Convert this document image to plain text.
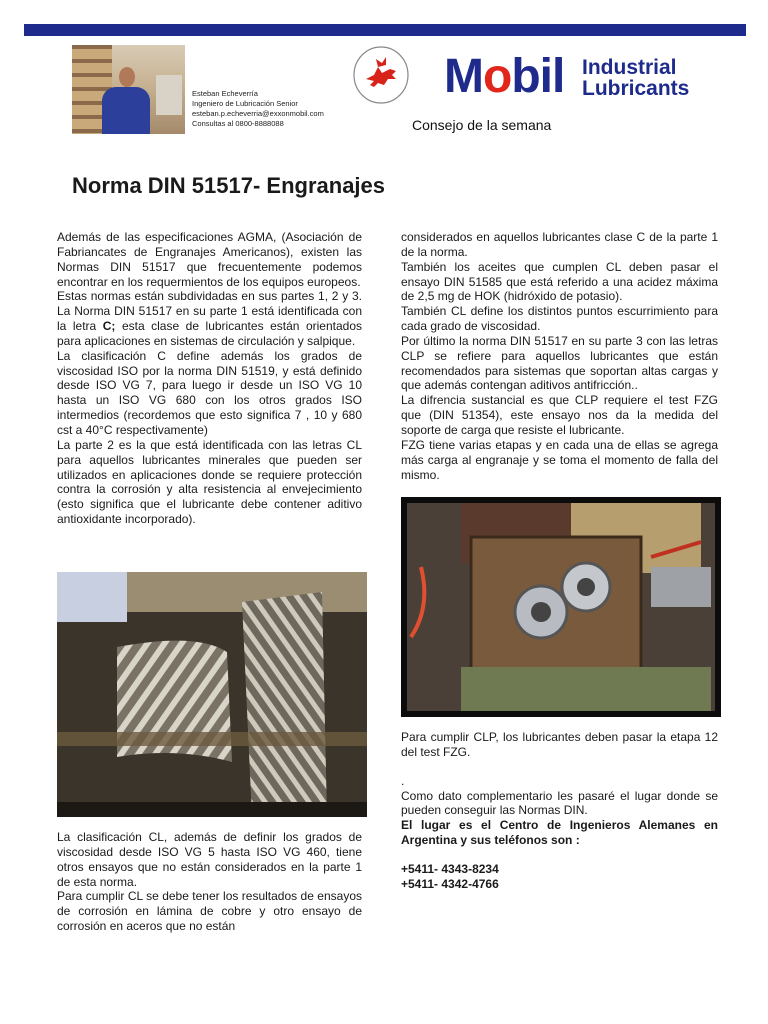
Esteban Echeverría
Ingeniero de Lubricación Senior
esteban.p.echeverria@exxonmobil.com
Consultas al 0800-8888088
Mobil Industrial
Lubricants
Consejo de la semana
Norma DIN 51517- Engranajes

Además de las especificaciones AGMA, (Asociación de Fabriancates de Engranajes Americanos), existen las Normas DIN 51517 que frecuentemente podemos encontrar en los requermientos de los equipos europeos.

Estas normas están subdividadas en sus partes 1, 2 y 3. La Norma DIN 51517 en su parte 1 está identificada con la letra C; esta clase de lubricantes están orientados para aplicaciones en sistemas de circulación y salpique.

La clasificación C define además los grados de viscosidad ISO por la norma DIN 51519, y está definido desde ISO VG 7, para luego ir desde un ISO VG 10 hasta un ISO VG 680 con los otros grados ISO intermedios (recordemos que esto significa 7 , 10 y 680 cst a 40°C respectivamente)

La parte 2 es la que está identificada con las letras CL para aquellos lubricantes minerales que pueden ser utilizados en aplicaciones donde se requiere protección contra la corrosión y alta resistencia al envejecimiento (esto significa que el lubricante debe contener aditivo antioxidante incorporado).

La clasificación CL, además de definir los grados de viscosidad desde ISO VG 5 hasta ISO VG 460, tiene otros ensayos que no están considerados en la parte 1 de esta norma.

Para cumplir CL se debe tener los resultados de ensayos de corrosión en lámina de cobre y otro ensayo de corrosión en aceros que no están

considerados en aquellos lubricantes clase C de la parte 1 de la norma.

También los aceites que cumplen CL deben pasar el ensayo DIN 51585 que está referido a una acidez máxima de 2,5 mg de HOK (hidróxido de potasio).

También CL define los distintos puntos escurrimiento para cada grado de viscosidad.

Por último la norma DIN 51517 en su parte 3 con las letras CLP se refiere para aquellos lubricantes que están recomendados para sistemas que soportan altas cargas y que además contengan aditivos antifricción..

La difrencia sustancial es que CLP requiere el test FZG que (DIN 51354), este ensayo nos da la medida del soporte de carga que resiste el lubricante.

FZG tiene varias etapas y en cada una de ellas se agrega más carga al engranaje y se toma el momento de falla del mismo.

Para cumplir CLP, los lubricantes deben pasar la etapa 12 del test FZG.

.

Como dato complementario les pasaré el lugar donde se pueden conseguir las Normas DIN.

El lugar es el Centro de Ingenieros Alemanes en Argentina y sus teléfonos son :

+5411- 4343-8234

+5411- 4342-4766
